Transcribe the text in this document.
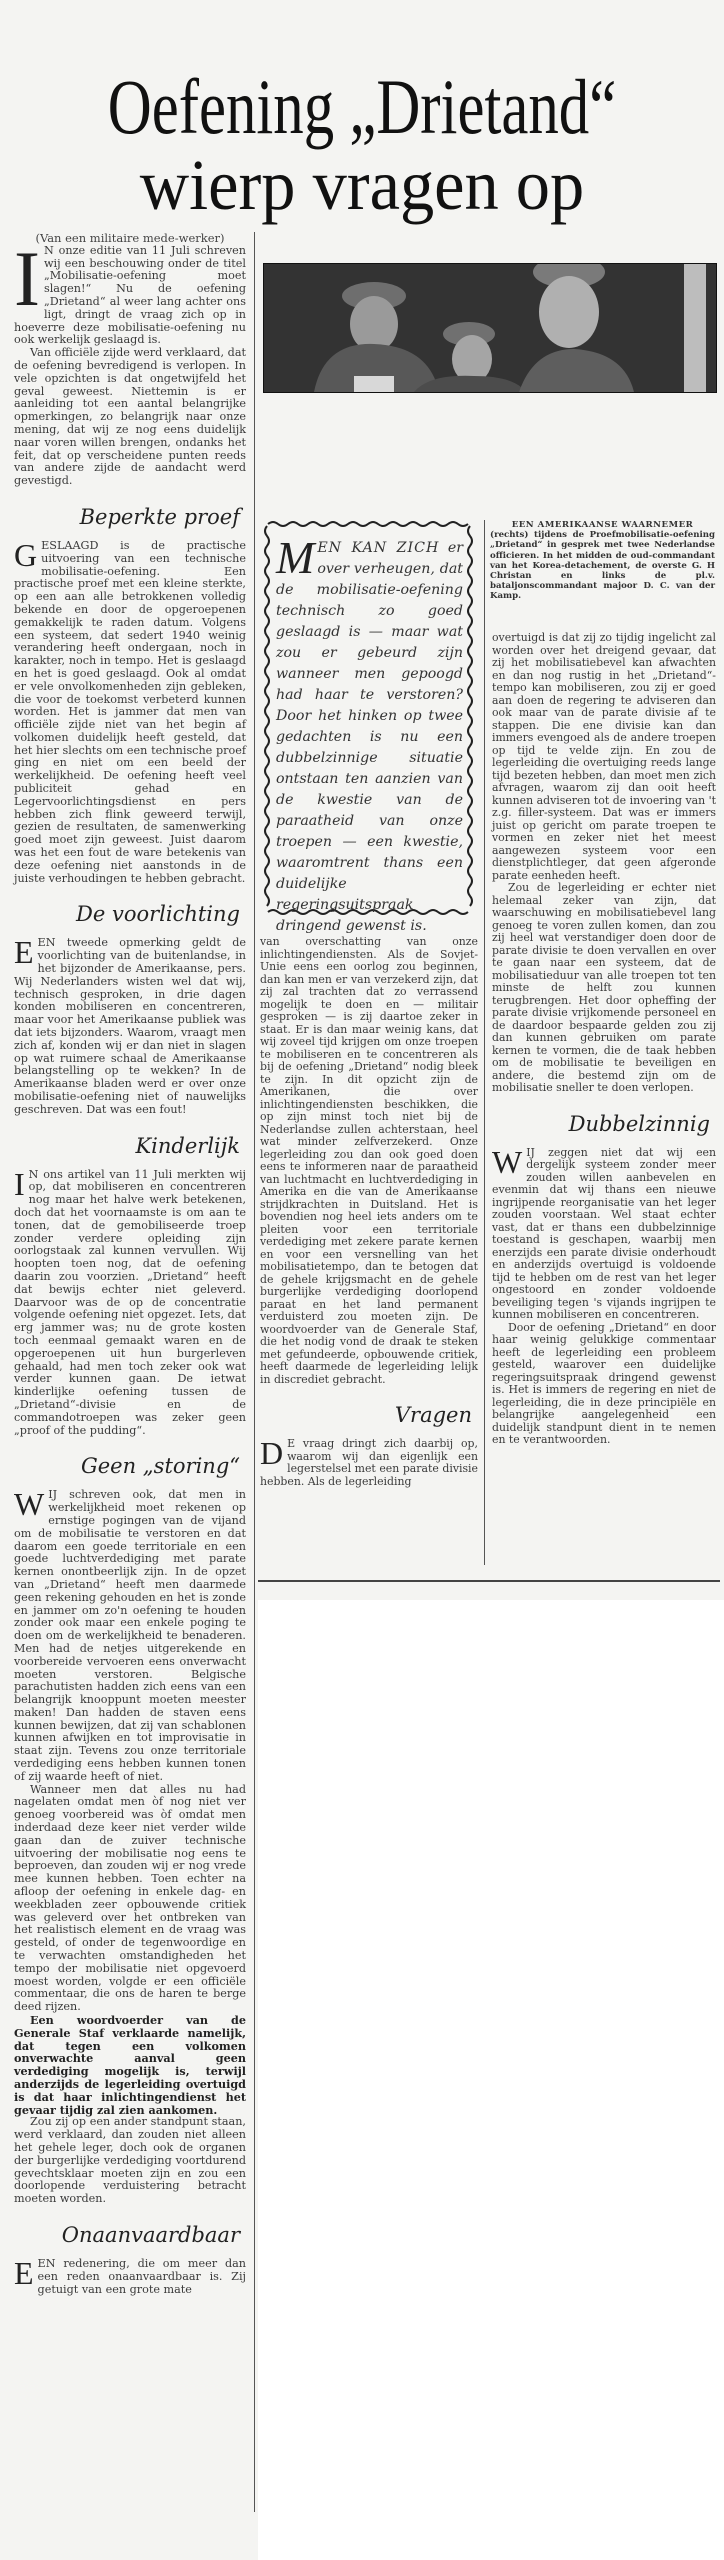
Oefening „Drietand“
wierp vragen op

(Van een militaire mede-werker)

I N onze editie van 11 Juli schreven wij een beschouwing onder de titel „Mobilisatie-oefening moet slagen!“ Nu de oefening „Drietand“ al weer lang achter ons ligt, dringt de vraag zich op in hoeverre deze mobilisatie-oefening nu ook werkelijk geslaagd is.

Van officiële zijde werd verklaard, dat de oefening bevredigend is verlopen. In vele opzichten is dat ongetwijfeld het geval geweest. Niettemin is er aanleiding tot een aantal belangrijke opmerkingen, zo belangrijk naar onze mening, dat wij ze nog eens duidelijk naar voren willen brengen, ondanks het feit, dat op verscheidene punten reeds van andere zijde de aandacht werd gevestigd.

Beperkte proef

GESLAAGD is de practische uitvoering van een technische mobilisatie-oefening. Een practische proef met een kleine sterkte, op een aan alle betrokkenen volledig bekende en door de opgeroepenen gemakkelijk te raden datum. Volgens een systeem, dat sedert 1940 weinig verandering heeft ondergaan, noch in karakter, noch in tempo. Het is geslaagd en het is goed geslaagd. Ook al omdat er vele onvolkomenheden zijn gebleken, die voor de toekomst verbeterd kunnen worden. Het is jammer dat men van officiële zijde niet van het begin af volkomen duidelijk heeft gesteld, dat het hier slechts om een technische proef ging en niet om een beeld der werkelijkheid. De oefening heeft veel publiciteit gehad en Legervoorlichtingsdienst en pers hebben zich flink geweerd terwijl, gezien de resultaten, de samenwerking goed moet zijn geweest. Juist daarom was het een fout de ware betekenis van deze oefening niet aanstonds in de juiste verhoudingen te hebben gebracht.

De voorlichting

EEN tweede opmerking geldt de voorlichting van de buitenlandse, in het bijzonder de Amerikaanse, pers. Wij Nederlanders wisten wel dat wij, technisch gesproken, in drie dagen konden mobiliseren en concentreren, maar voor het Amerikaanse publiek was dat iets bijzonders. Waarom, vraagt men zich af, konden wij er dan niet in slagen op wat ruimere schaal de Amerikaanse belangstelling op te wekken? In de Amerikaanse bladen werd er over onze mobilisatie-oefening niet of nauwelijks geschreven. Dat was een fout!

Kinderlijk

I N ons artikel van 11 Juli merkten wij op, dat mobiliseren en concentreren nog maar het halve werk betekenen, doch dat het voornaamste is om aan te tonen, dat de gemobiliseerde troep zonder verdere opleiding zijn oorlogstaak zal kunnen vervullen. Wij hoopten toen nog, dat de oefening daarin zou voorzien. „Drietand“ heeft dat bewijs echter niet geleverd. Daarvoor was de op de concentratie volgende oefening niet opgezet. Iets, dat erg jammer was; nu de grote kosten toch eenmaal gemaakt waren en de opgeroepenen uit hun burgerleven gehaald, had men toch zeker ook wat verder kunnen gaan. De ietwat kinderlijke oefening tussen de „Drietand“-divisie en de commandotroepen was zeker geen „proof of the pudding“.

Geen „storing“

WIJ schreven ook, dat men in werkelijkheid moet rekenen op ernstige pogingen van de vijand om de mobilisatie te verstoren en dat daarom een goede territoriale en een goede luchtverdediging met parate kernen onontbeerlijk zijn. In de opzet van „Drietand“ heeft men daarmede geen rekening gehouden en het is zonde en jammer om zo'n oefening te houden zonder ook maar een enkele poging te doen om de werkelijkheid te benaderen. Men had de netjes uitgerekende en voorbereide vervoeren eens onverwacht moeten verstoren. Belgische parachutisten hadden zich eens van een belangrijk knooppunt moeten meester maken! Dan hadden de staven eens kunnen bewijzen, dat zij van schablonen kunnen afwijken en tot improvisatie in staat zijn. Tevens zou onze territoriale verdediging eens hebben kunnen tonen of zij waarde heeft of niet.

Wanneer men dat alles nu had nagelaten omdat men òf nog niet ver genoeg voorbereid was òf omdat men inderdaad deze keer niet verder wilde gaan dan de zuiver technische uitvoering der mobilisatie nog eens te beproeven, dan zouden wij er nog vrede mee kunnen hebben. Toen echter na afloop der oefening in enkele dag- en weekbladen zeer opbouwende critiek was geleverd over het ontbreken van het realistisch element en de vraag was gesteld, of onder de tegenwoordige en te verwachten omstandigheden het tempo der mobilisatie niet opgevoerd moest worden, volgde er een officiële commentaar, die ons de haren te berge deed rijzen.

Een woordvoerder van de Generale Staf verklaarde namelijk, dat tegen een volkomen onverwachte aanval geen verdediging mogelijk is, terwijl anderzijds de legerleiding overtuigd is dat haar inlichtingendienst het gevaar tijdig zal zien aankomen.

Zou zij op een ander standpunt staan, werd verklaard, dan zouden niet alleen het gehele leger, doch ook de organen der burgerlijke verdediging voortdurend gevechtsklaar moeten zijn en zou een doorlopende verduistering betracht moeten worden.

Onaanvaardbaar

EEN redenering, die om meer dan een reden onaanvaardbaar is. Zij getuigt van een grote mate

MEN KAN ZICH er over verheugen, dat de mobilisatie-oefening technisch zo goed geslaagd is — maar wat zou er gebeurd zijn wanneer men gepoogd had haar te verstoren? Door het hinken op twee gedachten is nu een dubbelzinnige situatie ontstaan ten aanzien van de kwestie van de paraatheid van onze troepen — een kwestie, waaromtrent thans een duidelijke regeringsuitspraak dringend gewenst is.
EEN AMERIKAANSE WAARNEMER
(rechts) tijdens de Proefmobilisatie-oefening „Drietand“ in gesprek met twee Nederlandse officieren. In het midden de oud-commandant van het Korea-detachement, de overste G. H Christan en links de pl.v. bataljonscommandant majoor D. C. van der Kamp.

van overschatting van onze inlichtingendiensten. Als de Sovjet-Unie eens een oorlog zou beginnen, dan kan men er van verzekerd zijn, dat zij zal trachten dat zo verrassend mogelijk te doen en — militair gesproken — is zij daartoe zeker in staat. Er is dan maar weinig kans, dat wij zoveel tijd krijgen om onze troepen te mobiliseren en te concentreren als bij de oefening „Drietand“ nodig bleek te zijn. In dit opzicht zijn de Amerikanen, die over inlichtingendiensten beschikken, die op zijn minst toch niet bij de Nederlandse zullen achterstaan, heel wat minder zelfverzekerd. Onze legerleiding zou dan ook goed doen eens te informeren naar de paraatheid van luchtmacht en luchtverdediging in Amerika en die van de Amerikaanse strijdkrachten in Duitsland. Het is bovendien nog heel iets anders om te pleiten voor een territoriale verdediging met zekere parate kernen en voor een versnelling van het mobilisatietempo, dan te betogen dat de gehele krijgsmacht en de gehele burgerlijke verdediging doorlopend paraat en het land permanent verduisterd zou moeten zijn. De woordvoerder van de Generale Staf, die het nodig vond de draak te steken met gefundeerde, opbouwende critiek, heeft daarmede de legerleiding lelijk in discrediet gebracht.

Vragen

D E vraag dringt zich daarbij op, waarom wij dan eigenlijk een legerstelsel met een parate divisie hebben. Als de legerleiding

overtuigd is dat zij zo tijdig ingelicht zal worden over het dreigend gevaar, dat zij het mobilisatiebevel kan afwachten en dan nog rustig in het „Drietand“-tempo kan mobiliseren, zou zij er goed aan doen de regering te adviseren dan ook maar van de parate divisie af te stappen. Die ene divisie kan dan immers evengoed als de andere troepen op tijd te velde zijn. En zou de legerleiding die overtuiging reeds lange tijd bezeten hebben, dan moet men zich afvragen, waarom zij dan ooit heeft kunnen adviseren tot de invoering van 't z.g. filler-systeem. Dat was er immers juist op gericht om parate troepen te vormen en zeker niet het meest aangewezen systeem voor een dienstplichtleger, dat geen afgeronde parate eenheden heeft.

Zou de legerleiding er echter niet helemaal zeker van zijn, dat waarschuwing en mobilisatiebevel lang genoeg te voren zullen komen, dan zou zij heel wat verstandiger doen door de parate divisie te doen vervallen en over te gaan naar een systeem, dat de mobilisatieduur van alle troepen tot ten minste de helft zou kunnen terugbrengen. Het door opheffing der parate divisie vrijkomende personeel en de daardoor bespaarde gelden zou zij dan kunnen gebruiken om parate kernen te vormen, die de taak hebben om de mobilisatie te beveiligen en andere, die bestemd zijn om de mobilisatie sneller te doen verlopen.

Dubbelzinnig

WIJ zeggen niet dat wij een dergelijk systeem zonder meer zouden willen aanbevelen en evenmin dat wij thans een nieuwe ingrijpende reorganisatie van het leger zouden voorstaan. Wel staat echter vast, dat er thans een dubbelzinnige toestand is geschapen, waarbij men enerzijds een parate divisie onderhoudt en anderzijds overtuigd is voldoende tijd te hebben om de rest van het leger ongestoord en zonder voldoende beveiliging tegen 's vijands ingrijpen te kunnen mobiliseren en concentreren.

Door de oefening „Drietand“ en door haar weinig gelukkige commentaar heeft de legerleiding een probleem gesteld, waarover een duidelijke regeringsuitspraak dringend gewenst is. Het is immers de regering en niet de legerleiding, die in deze principiële en belangrijke aangelegenheid een duidelijk standpunt dient in te nemen en te verantwoorden.
